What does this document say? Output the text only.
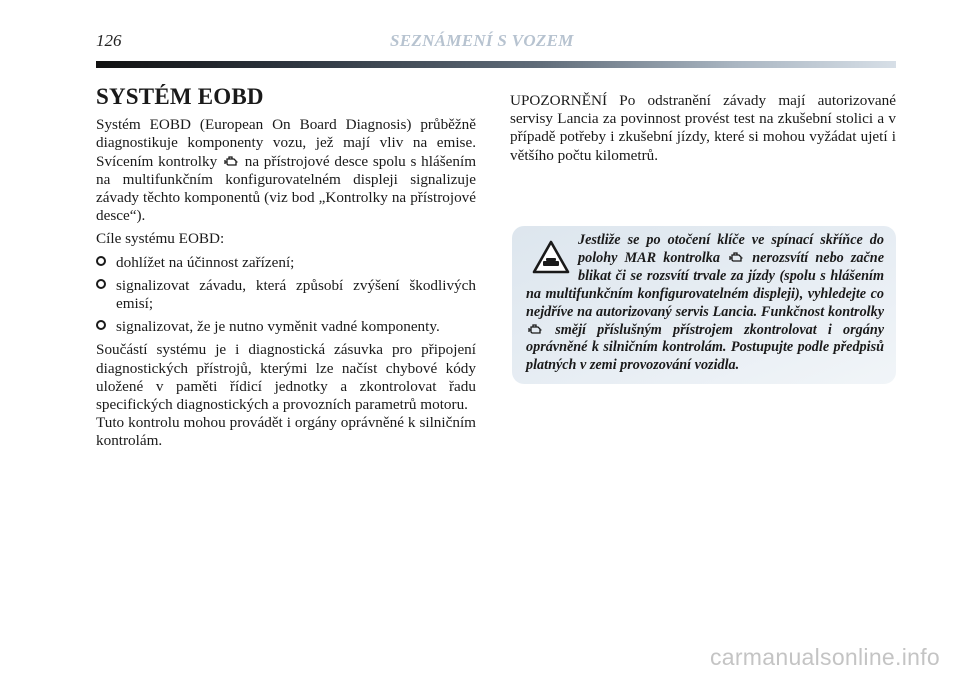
126	SEZNÁMENÍ S VOZEM
SYSTÉM EOBD

Systém EOBD (European On Board Diagnosis) průběžně diagnostikuje komponenty vozu, jež mají vliv na emise. Svícením kontrolky na přístrojové desce spolu s hlášením na multifunkčním konfigurovatelném displeji signalizuje závady těchto komponentů (viz bod „Kontrolky na přístrojové desce“).

Cíle systému EOBD:

dohlížet na účinnost zařízení;
signalizovat závadu, která způsobí zvýšení škodlivých emisí;
signalizovat, že je nutno vyměnit vadné komponenty.

Součástí systému je i diagnostická zásuvka pro připojení diagnostických přístrojů, kterými lze načíst chybové kódy uložené v paměti řídicí jednotky a zkontrolovat řadu specifických diagnostických a provozních parametrů motoru.

Tuto kontrolu mohou provádět i orgány oprávněné k silničním kontrolám.

UPOZORNĚNÍ Po odstranění závady mají autorizované servisy Lancia za povinnost provést test na zkušební stolici a v případě potřeby i zkušební jízdy, které si mohou vyžádat ujetí i většího počtu kilometrů.

Jestliže se po otočení klíče ve spínací skříňce do polohy MAR kontrolka nerozsvítí nebo začne blikat či se rozsvítí trvale za jízdy (spolu s hlášením na multifunkčním konfigurovatelném displeji), vyhledejte co nejdříve na autorizovaný servis Lancia. Funkčnost kontrolky  smějí příslušným přístrojem zkontrolovat i orgány oprávněné k silničním kontrolám. Postupujte podle předpisů platných v zemi provozování vozidla.

carmanualsonline.info
